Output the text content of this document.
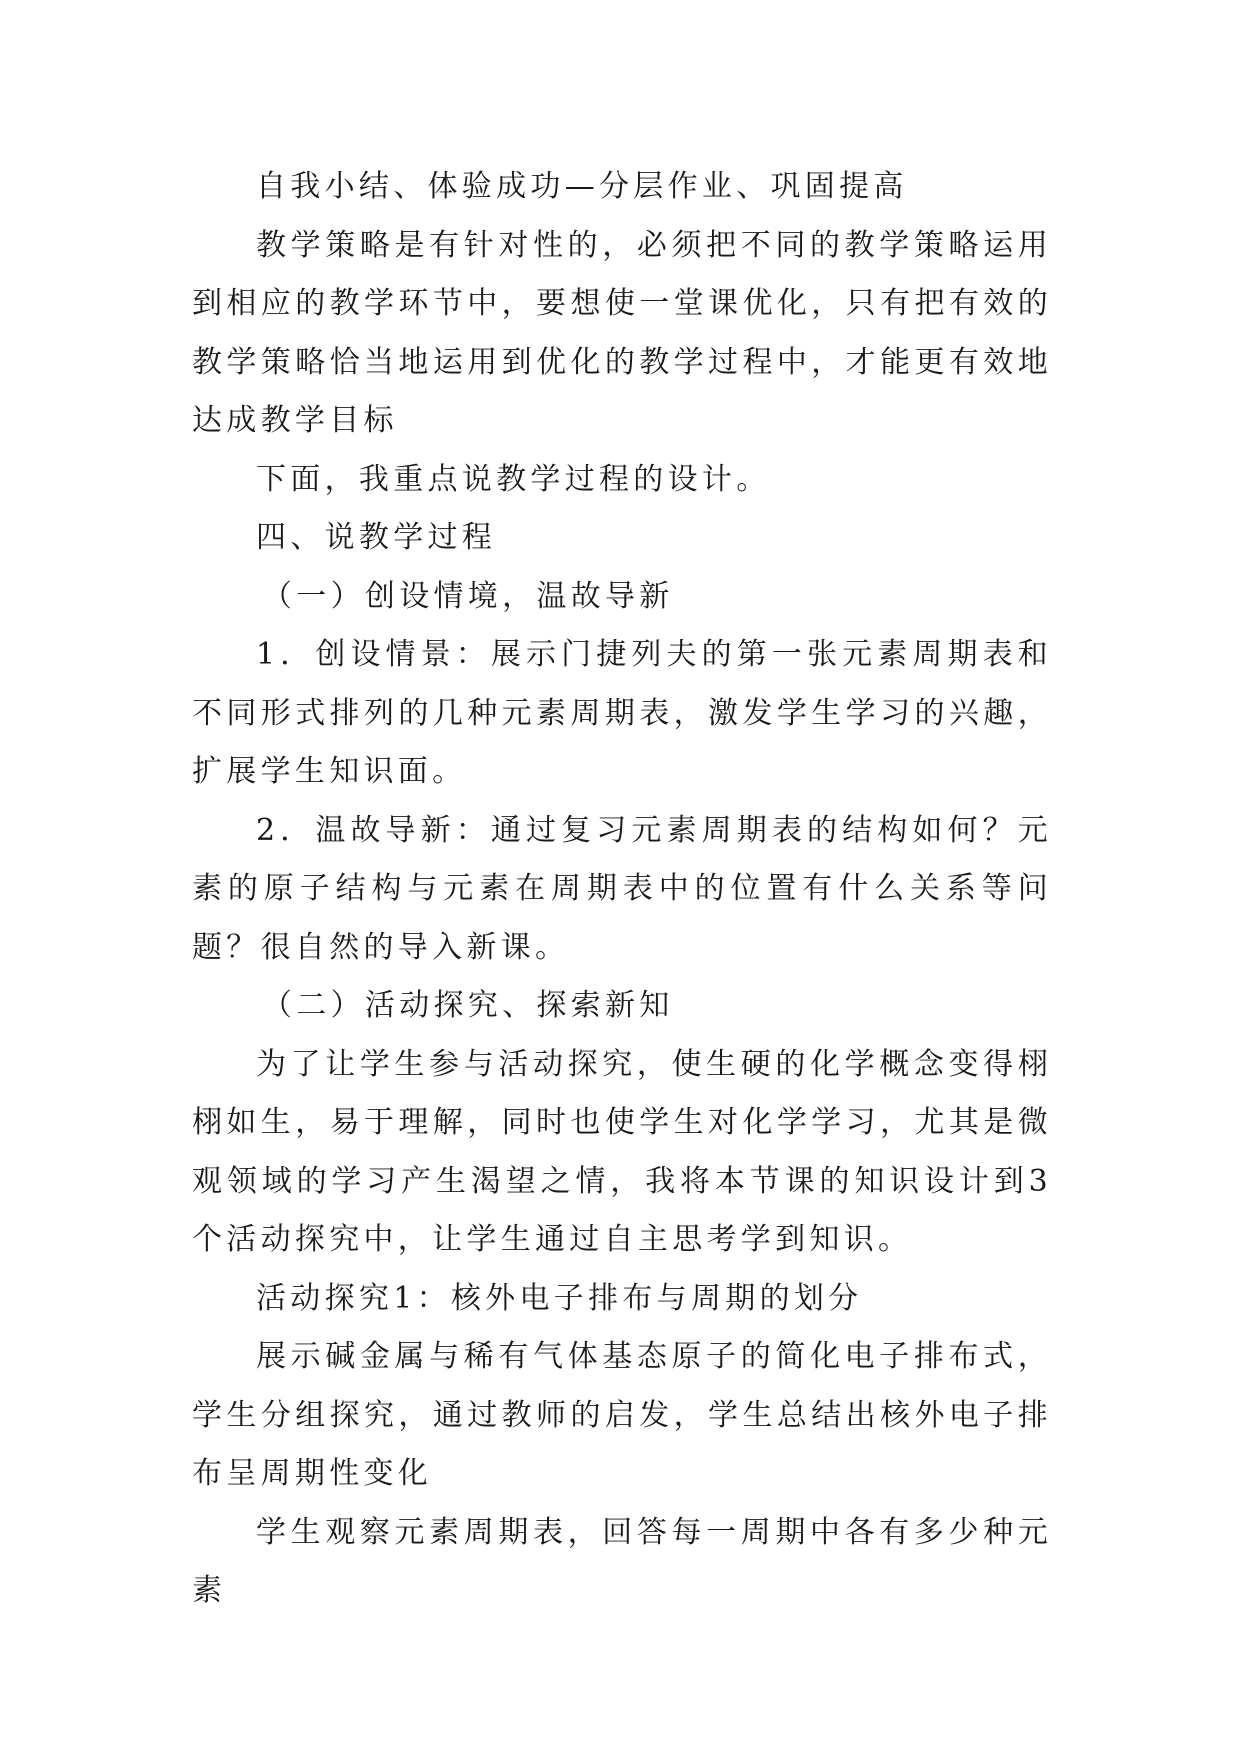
自我小结、体验成功—分层作业、巩固提高

教学策略是有针对性的，必须把不同的教学策略运用到相应的教学环节中，要想使一堂课优化，只有把有效的教学策略恰当地运用到优化的教学过程中，才能更有效地达成教学目标

下面，我重点说教学过程的设计。

四、说教学过程

（一）创设情境，温故导新

1．创设情景：展示门捷列夫的第一张元素周期表和不同形式排列的几种元素周期表，激发学生学习的兴趣，扩展学生知识面。

2．温故导新：通过复习元素周期表的结构如何？元素的原子结构与元素在周期表中的位置有什么关系等问题？很自然的导入新课。

（二）活动探究、探索新知

为了让学生参与活动探究，使生硬的化学概念变得栩栩如生，易于理解，同时也使学生对化学学习，尤其是微观领域的学习产生渴望之情，我将本节课的知识设计到3个活动探究中，让学生通过自主思考学到知识。

活动探究1：核外电子排布与周期的划分

展示碱金属与稀有气体基态原子的简化电子排布式，学生分组探究，通过教师的启发，学生总结出核外电子排布呈周期性变化

学生观察元素周期表，回答每一周期中各有多少种元素
